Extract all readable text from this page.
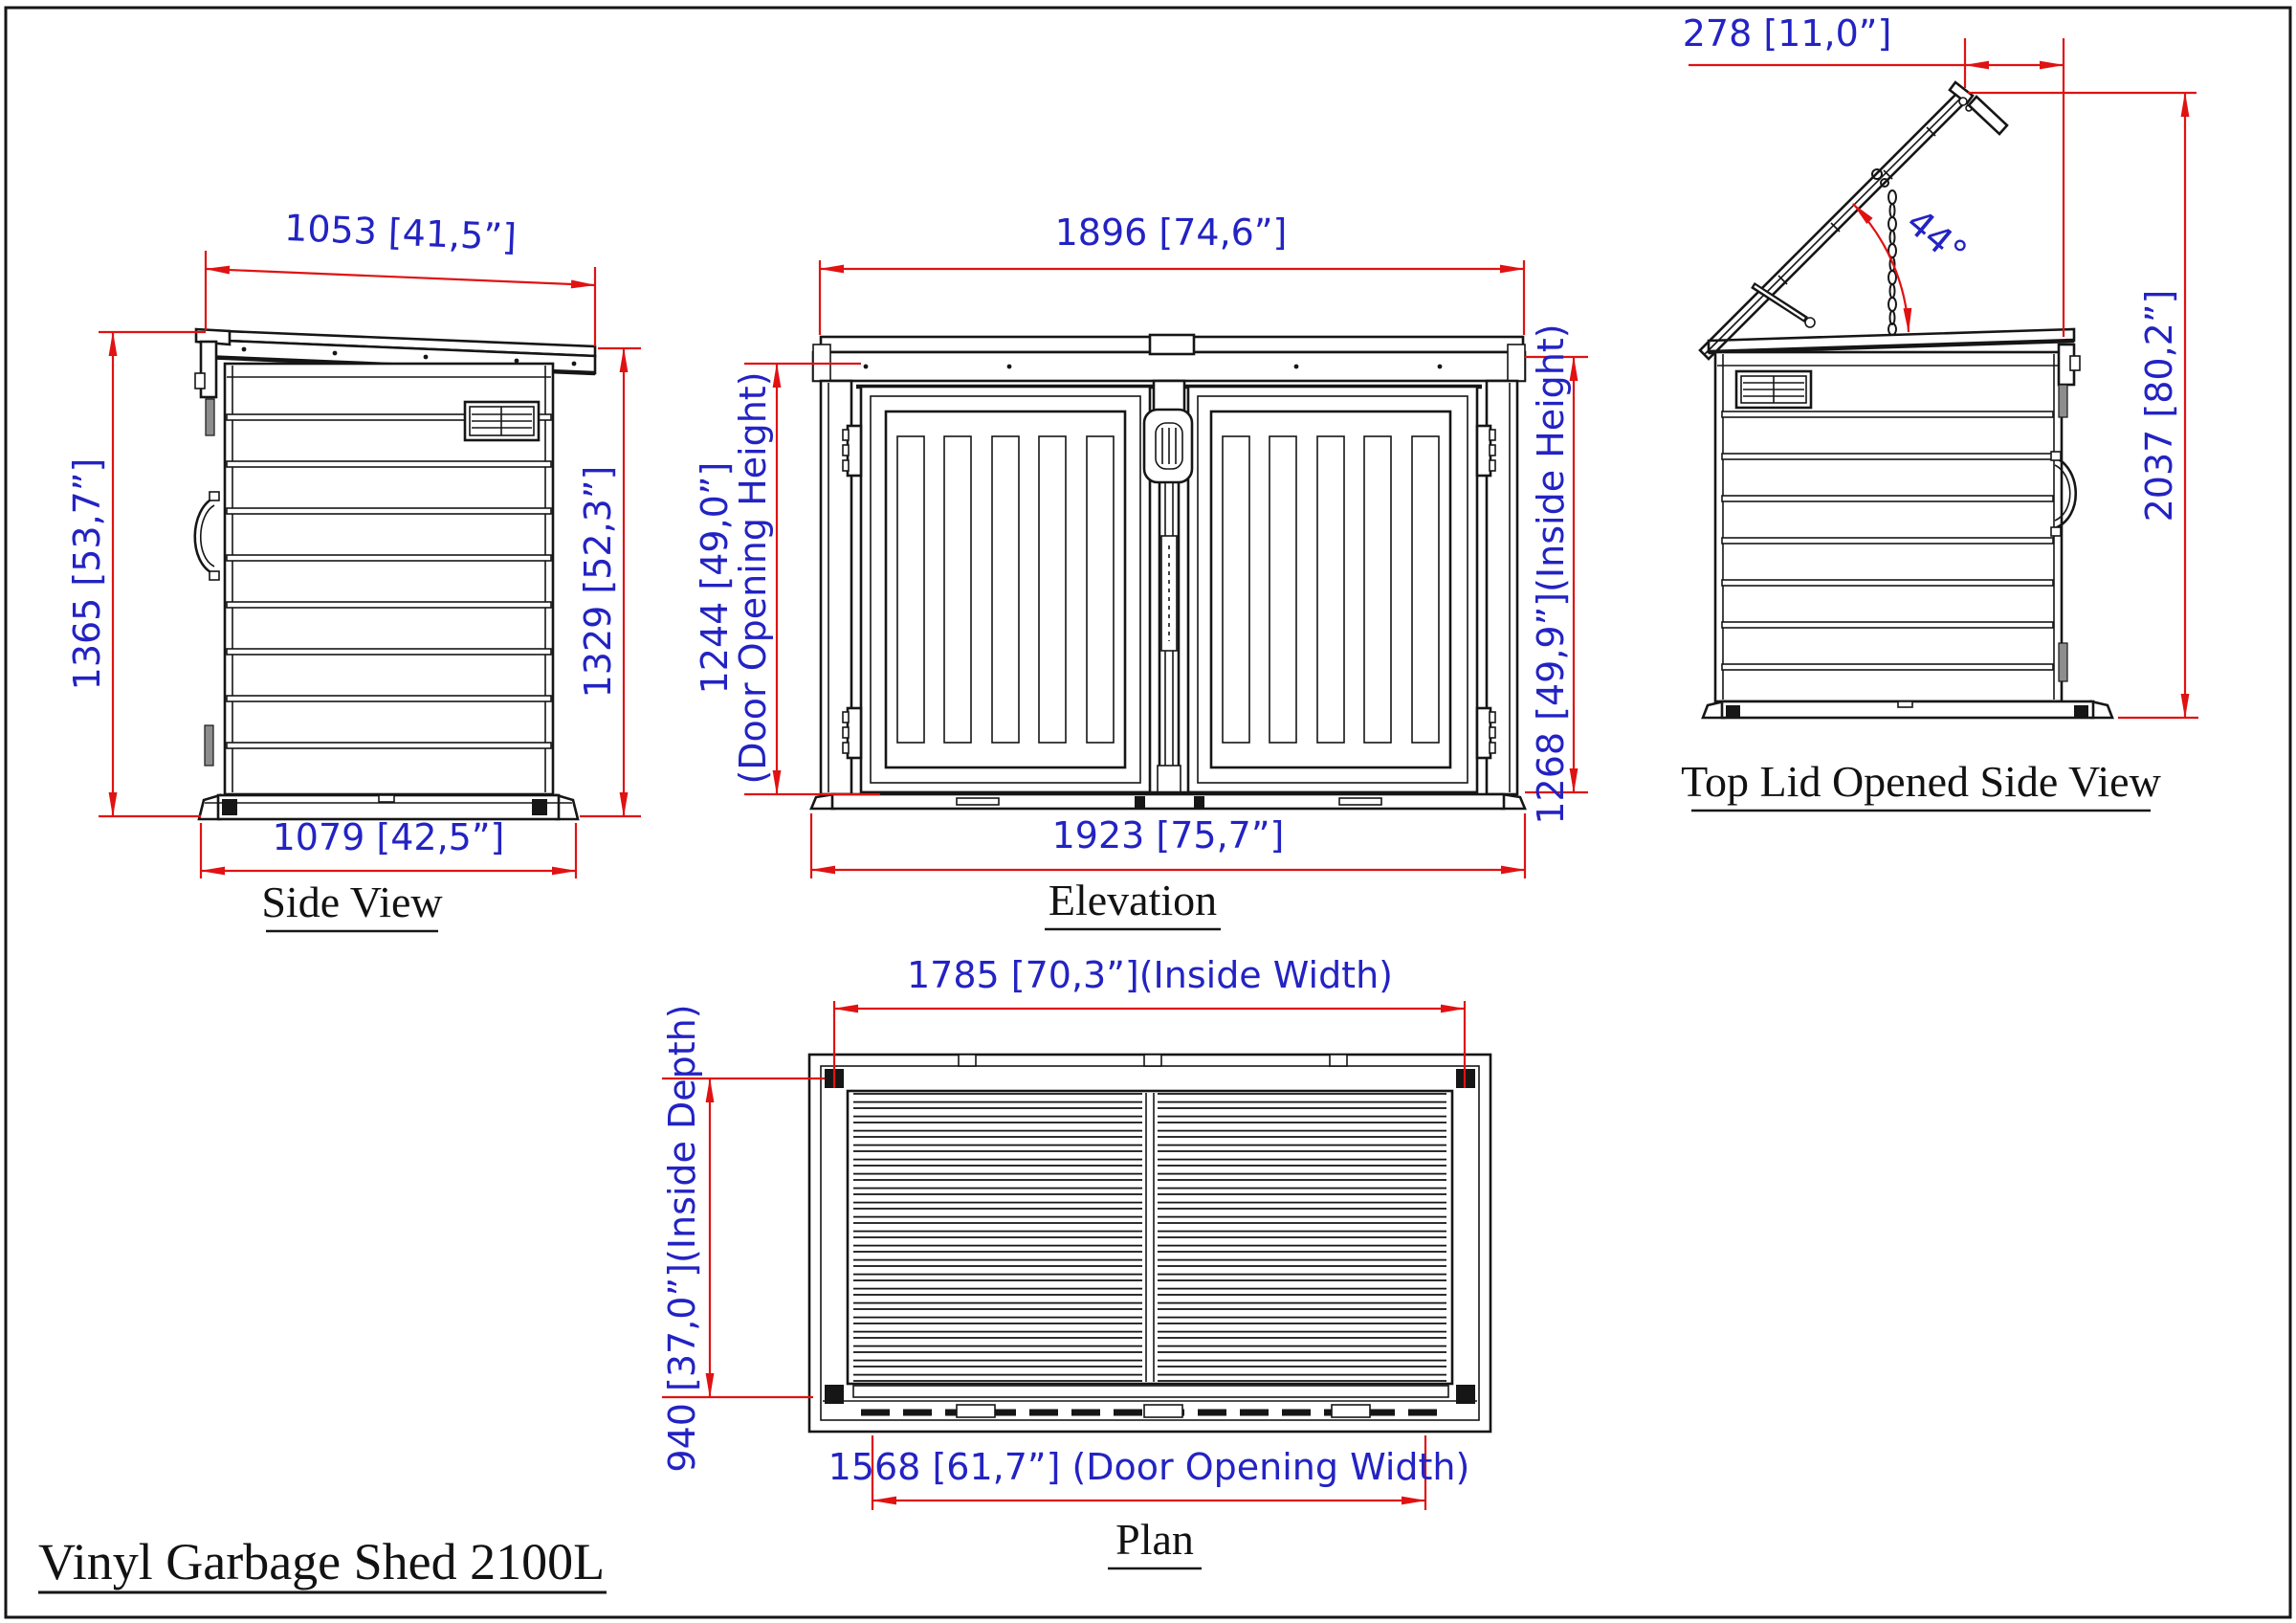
1053 [41,5”]
1365 [53,7”]	1329 [52,3”]
1079 [42,5”]
Side View
1896 [74,6”]
1244 [49,0”]
(Door Opening Height)	1268 [49,9”](Inside Height)
1923 [75,7”]
Elevation
278 [11,0”]
44°
2037 [80,2”]
Top Lid Opened Side View
1785 [70,3”](Inside Width)
940 [37,0”](Inside Depth)	1568 [61,7”] (Door Opening Width)
Plan
Vinyl Garbage Shed 2100L
